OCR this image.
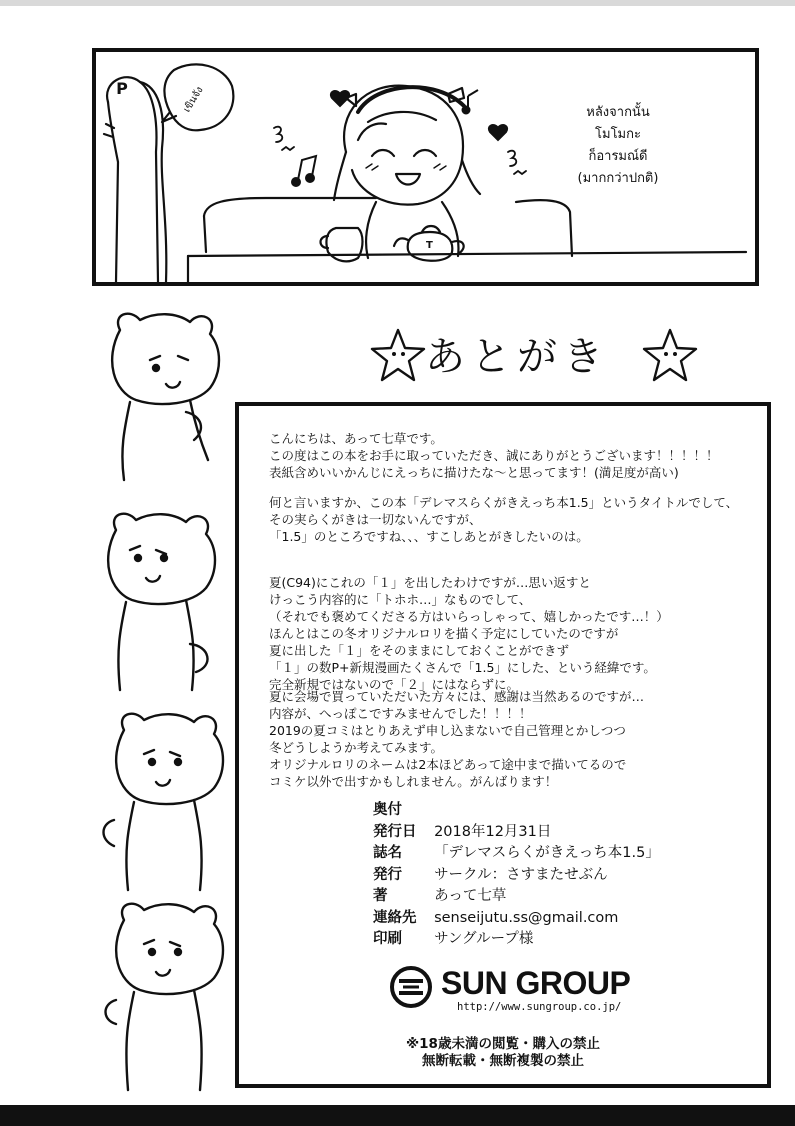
P	เขินจัง	หลังจากนั้น
โมโมกะ
ก็อารมณ์ดี
(มากกว่าปกติ)
T
あとがき
こんにちは、あって七草です。
この度はこの本をお手に取っていただき、誠にありがとうございます！！！！！
表紙含めいいかんじにえっちに描けたな～と思ってます！(満足度が高い)
何と言いますか、この本「デレマスらくがきえっち本1.5」というタイトルでして、
その実らくがきは一切ないんですが、
「1.5」のところですね、、、すこしあとがきしたいのは。
夏(C94)にこれの「１」を出したわけですが…思い返すと
けっこう内容的に「トホホ…」なものでして、
（それでも褒めてくださる方はいらっしゃって、嬉しかったです…！）
ほんとはこの冬オリジナルロリを描く予定にしていたのですが
夏に出した「１」をそのままにしておくことができず
「１」の数P+新規漫画たくさんで「1.5」にした、という経緯です。
完全新規ではないので「２」にはならずに。
夏に会場で買っていただいた方々には、感謝は当然あるのですが…
内容が、へっぽこですみませんでした！！！！
2019の夏コミはとりあえず申し込まないで自己管理とかしつつ
冬どうしようか考えてみます。
オリジナルロリのネームは2本ほどあって途中まで描いてるので
コミケ以外で出すかもしれません。がんばります！
奥付
発行日 2018年12月31日
誌名 「デレマスらくがきえっち本1.5」
発行 サークル：さすまたせぶん
著	あって七草
連絡先 senseijutu.ss@gmail.com
印刷 サングループ様
SUN GROUP
http://www.sungroup.co.jp/
※18歳未満の閲覧・購入の禁止
無断転載・無断複製の禁止
